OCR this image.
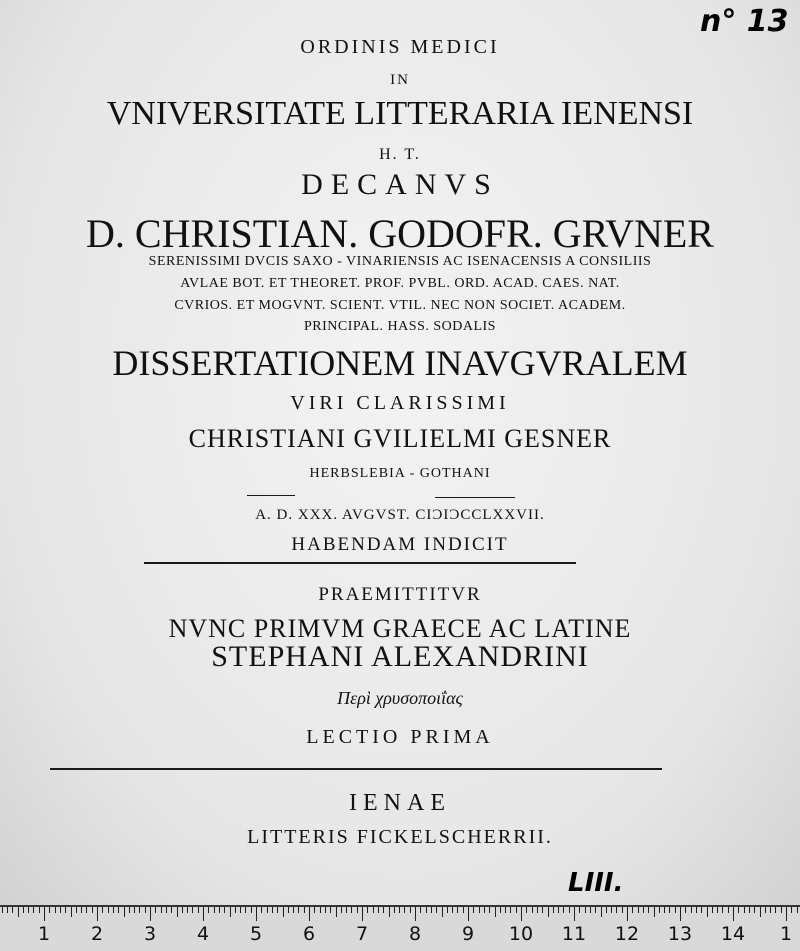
ORDINIS MEDICI
IN
VNIVERSITATE LITTERARIA IENENSI
H. T.
DECANVS
D. CHRISTIAN. GODOFR. GRVNER
SERENISSIMI DVCIS SAXO - VINARIENSIS AC ISENACENSIS A CONSILIIS
AVLAE BOT. ET THEORET. PROF. PVBL. ORD. ACAD. CAES. NAT.
CVRIOS. ET MOGVNT. SCIENT. VTIL. NEC NON SOCIET. ACADEM.
PRINCIPAL. HASS. SODALIS
DISSERTATIONEM INAVGVRALEM
VIRI CLARISSIMI
CHRISTIANI GVILIELMI GESNER
HERBSLEBIA - GOTHANI
A. D. XXX. AVGVST. CIƆIƆCCLXXVII.
HABENDAM INDICIT
PRAEMITTITVR
NVNC PRIMVM GRAECE AC LATINE
STEPHANI ALEXANDRINI
Περὶ χρυσοποιΐας
LECTIO PRIMA
IENAE
LITTERIS FICKELSCHERRII.
n° 13
LIII.
1 2 3 4 5 6 7 8 9 10 11 12 13 14 1
